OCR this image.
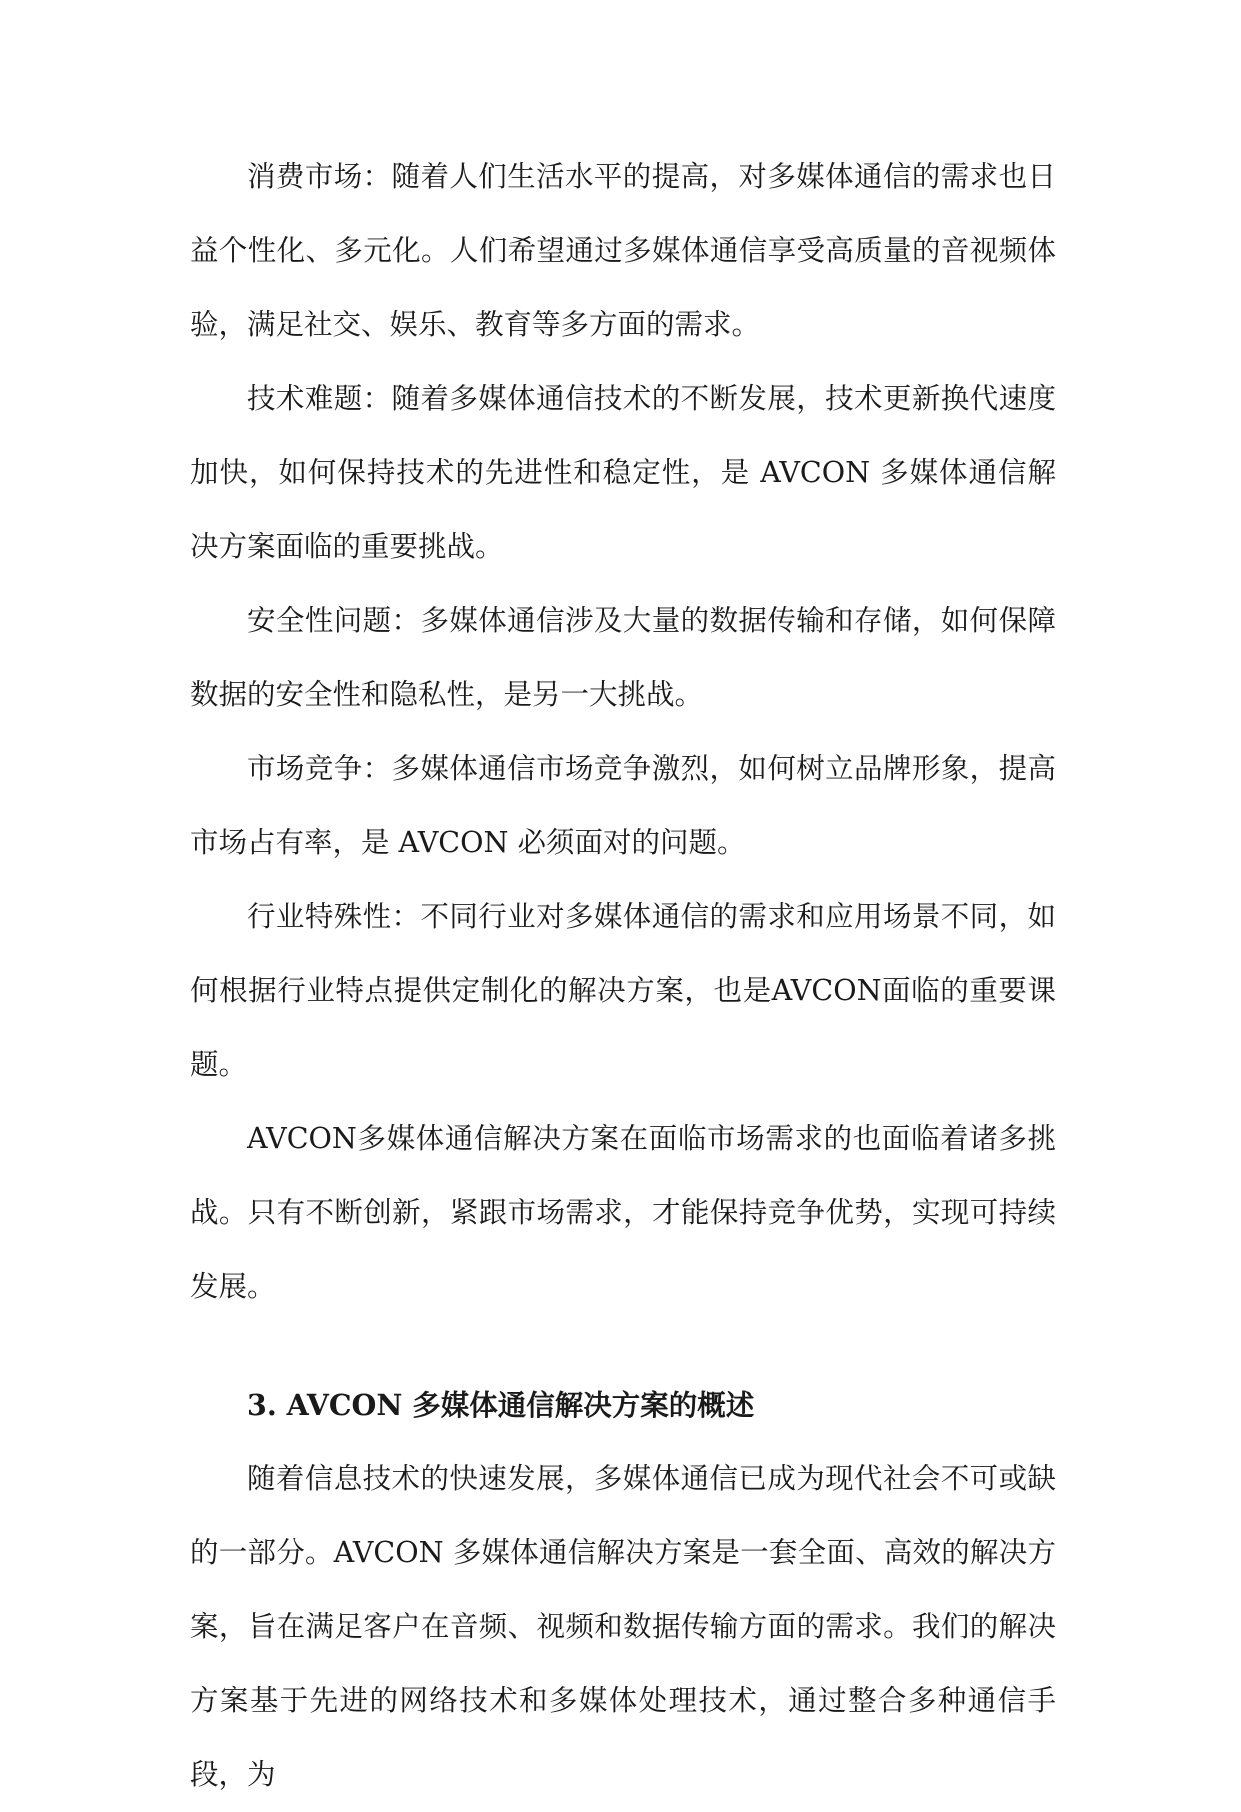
消费市场：随着人们生活水平的提高，对多媒体通信的需求也日益个性化、多元化。人们希望通过多媒体通信享受高质量的音视频体验，满足社交、娱乐、教育等多方面的需求。

技术难题：随着多媒体通信技术的不断发展，技术更新换代速度加快，如何保持技术的先进性和稳定性，是 AVCON 多媒体通信解决方案面临的重要挑战。

安全性问题：多媒体通信涉及大量的数据传输和存储，如何保障数据的安全性和隐私性，是另一大挑战。

市场竞争：多媒体通信市场竞争激烈，如何树立品牌形象，提高市场占有率，是 AVCON 必须面对的问题。

行业特殊性：不同行业对多媒体通信的需求和应用场景不同，如何根据行业特点提供定制化的解决方案，也是AVCON面临的重要课题。

AVCON多媒体通信解决方案在面临市场需求的也面临着诸多挑战。只有不断创新，紧跟市场需求，才能保持竞争优势，实现可持续发展。

3. AVCON 多媒体通信解决方案的概述

随着信息技术的快速发展，多媒体通信已成为现代社会不可或缺的一部分。AVCON 多媒体通信解决方案是一套全面、高效的解决方案，旨在满足客户在音频、视频和数据传输方面的需求。我们的解决方案基于先进的网络技术和多媒体处理技术，通过整合多种通信手段，为
